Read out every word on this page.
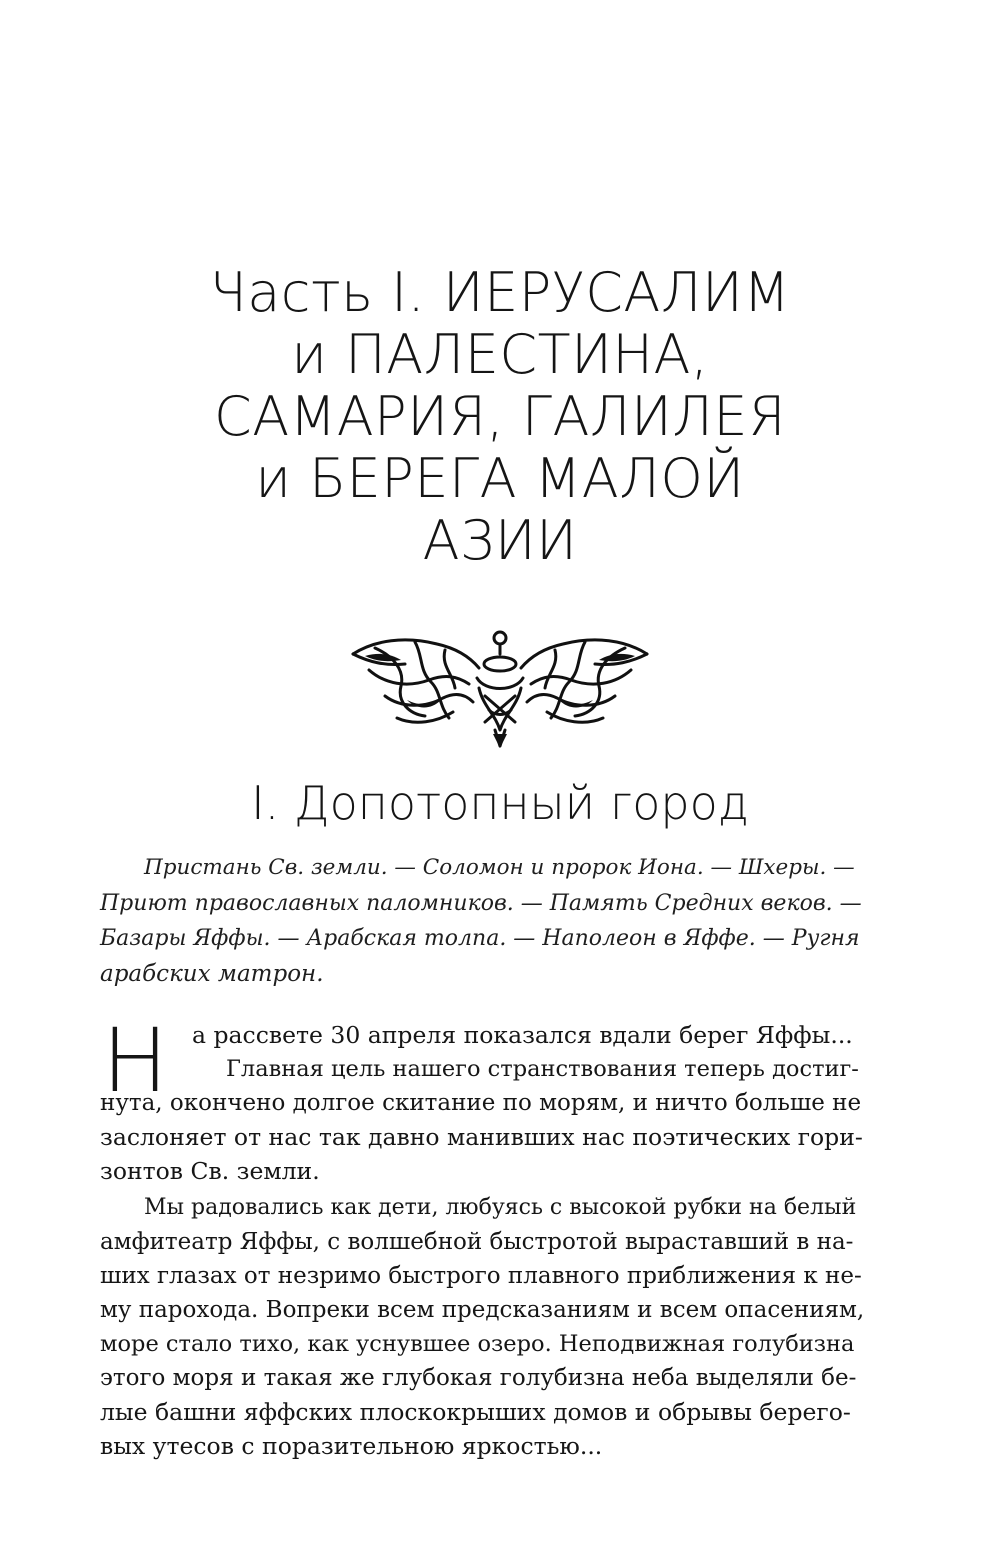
Часть I. ИЕРУСАЛИМ
и ПАЛЕСТИНА,
САМАРИЯ, ГАЛИЛЕЯ
и БЕРЕГА МАЛОЙ
АЗИИ
I. Допотопный город
Пристань Св. земли. — Соломон и пророк Иона. — Шхеры. —
Приют православных паломников. — Память Средних веков. —
Базары Яффы. — Арабская толпа. — Наполеон в Яффе. — Ругня
арабских матрон.
Н	а рассвете 30 апреля показался вдали берег Яффы...
Главная цель нашего странствования теперь достиг-
нута, окончено долгое скитание по морям, и ничто больше не
заслоняет от нас так давно манивших нас поэтических гори-
зонтов Св. земли.
Мы радовались как дети, любуясь с высокой рубки на белый
амфитеатр Яффы, с волшебной быстротой выраставший в на-
ших глазах от незримо быстрого плавного приближения к не-
му парохода. Вопреки всем предсказаниям и всем опасениям,
море стало тихо, как уснувшее озеро. Неподвижная голубизна
этого моря и такая же глубокая голубизна неба выделяли бе-
лые башни яффских плоскокрыших домов и обрывы берего-
вых утесов с поразительною яркостью...
